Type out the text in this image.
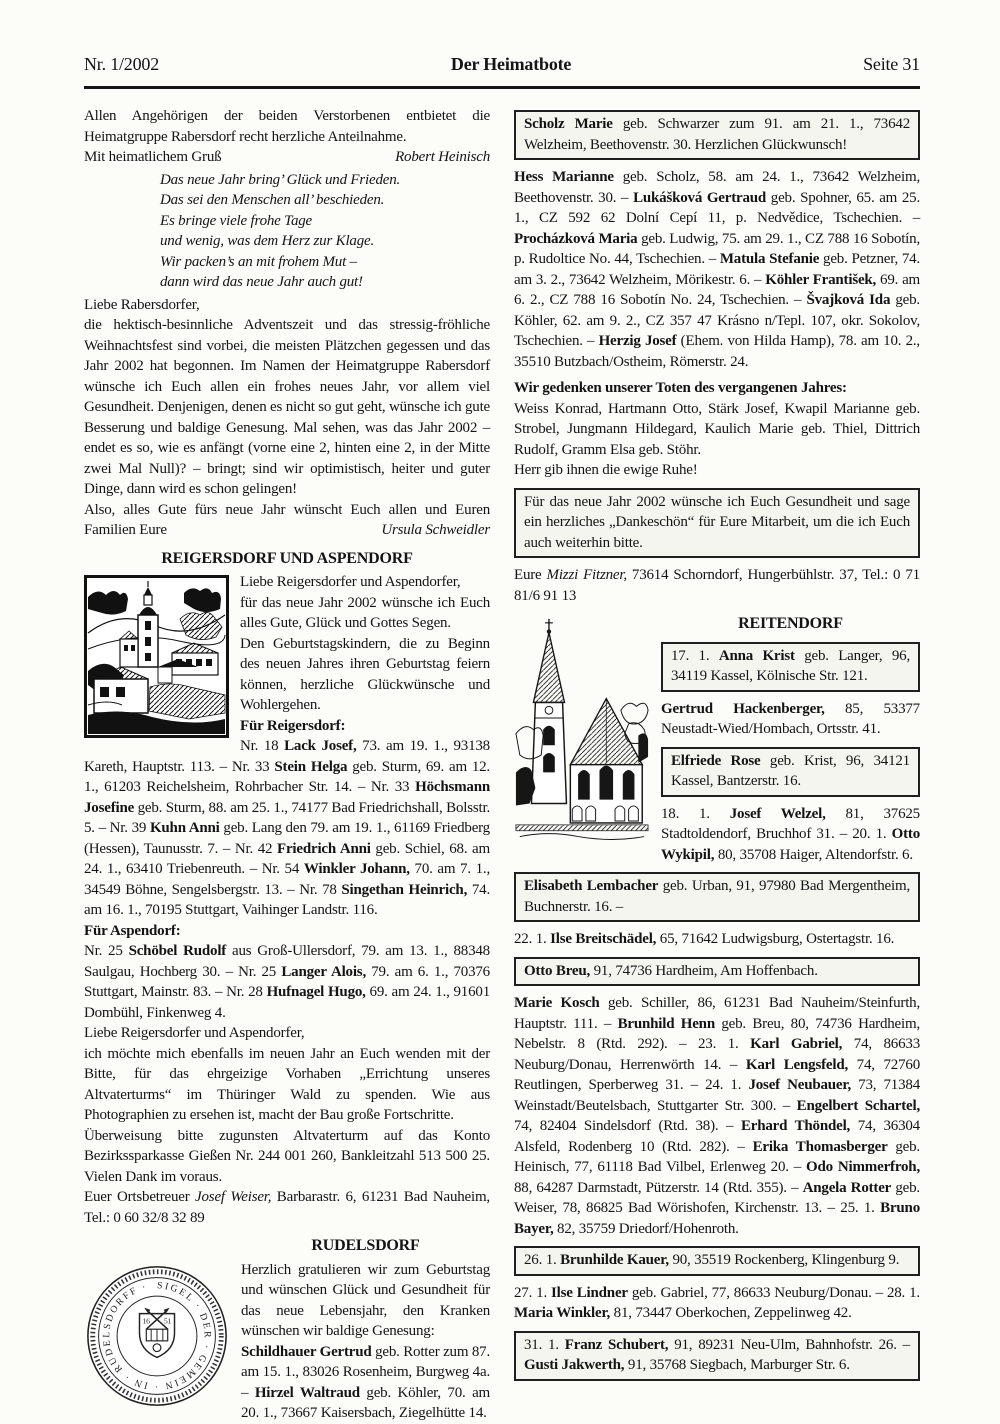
Nr. 1/2002	Der Heimatbote	Seite 31

Allen Angehörigen der beiden Verstorbenen entbietet die Heimatgruppe Rabersdorf recht herzliche Anteilnahme.

Mit heimatlichem Gruß	Robert Heinisch
Das neue Jahr bring’ Glück und Frieden.
Das sei den Menschen all’ beschieden.
Es bringe viele frohe Tage
und wenig, was dem Herz zur Klage.
Wir packen’s an mit frohem Mut –
dann wird das neue Jahr auch gut!

Liebe Rabersdorfer,

die hektisch-besinnliche Adventszeit und das stressig-fröhliche Weihnachtsfest sind vorbei, die meisten Plätzchen gegessen und das Jahr 2002 hat begonnen. Im Namen der Heimatgruppe Rabersdorf wünsche ich Euch allen ein frohes neues Jahr, vor allem viel Gesundheit. Denjenigen, denen es nicht so gut geht, wünsche ich gute Besserung und baldige Genesung. Mal sehen, was das Jahr 2002 – endet es so, wie es anfängt (vorne eine 2, hinten eine 2, in der Mitte zwei Mal Null)? – bringt; sind wir optimistisch, heiter und guter Dinge, dann wird es schon gelingen!

Also, alles Gute fürs neue Jahr wünscht Euch allen und Euren Familien Eure	Ursula Schweidler

REIGERSDORF UND ASPENDORF

Liebe Reigersdorfer und Aspendorfer,

für das neue Jahr 2002 wünsche ich Euch alles Gute, Glück und Gottes Segen.

Den Geburtstagskindern, die zu Beginn des neuen Jahres ihren Geburtstag feiern können, herzliche Glückwünsche und Wohlergehen.

Für Reigersdorf:

Nr. 18 Lack Josef, 73. am 19. 1., 93138 Kareth, Hauptstr. 113. – Nr. 33 Stein Helga geb. Sturm, 69. am 12. 1., 61203 Reichelsheim, Rohrbacher Str. 14. – Nr. 33 Höchsmann Josefine geb. Sturm, 88. am 25. 1., 74177 Bad Friedrichshall, Bolsstr. 5. – Nr. 39 Kuhn Anni geb. Lang den 79. am 19. 1., 61169 Friedberg (Hessen), Taunusstr. 7. – Nr. 42 Friedrich Anni geb. Schiel, 68. am 24. 1., 63410 Triebenreuth. – Nr. 54 Winkler Johann, 70. am 7. 1., 34549 Böhne, Sengelsbergstr. 13. – Nr. 78 Singethan Heinrich, 74. am 16. 1., 70195 Stuttgart, Vaihinger Landstr. 116.

Für Aspendorf:

Nr. 25 Schöbel Rudolf aus Groß-Ullersdorf, 79. am 13. 1., 88348 Saulgau, Hochberg 30. – Nr. 25 Langer Alois, 79. am 6. 1., 70376 Stuttgart, Mainstr. 83. – Nr. 28 Hufnagel Hugo, 69. am 24. 1., 91601 Dombühl, Finkenweg 4.

Liebe Reigersdorfer und Aspendorfer,

ich möchte mich ebenfalls im neuen Jahr an Euch wenden mit der Bitte, für das ehrgeizige Vorhaben „Errichtung unseres Altvaterturms“ im Thüringer Wald zu spenden. Wie aus Photographien zu ersehen ist, macht der Bau große Fortschritte.

Überweisung bitte zugunsten Altvaterturm auf das Konto Bezirkssparkasse Gießen Nr. 244 001 260, Bankleitzahl 513 500 25. Vielen Dank im voraus.

Euer Ortsbetreuer Josef Weiser, Barbarastr. 6, 61231 Bad Nauheim, Tel.: 0 60 32/8 32 89

RUDELSDORF
SIGEL · DER · GEMEIN · IN · RUDELSDORFF ·
16 51

Herzlich gratulieren wir zum Geburtstag und wünschen Glück und Gesundheit für das neue Lebensjahr, den Kranken wünschen wir baldige Genesung:

Schildhauer Gertrud geb. Rotter zum 87. am 15. 1., 83026 Rosenheim, Burgweg 4a. – Hirzel Waltraud geb. Köhler, 70. am 20. 1., 73667 Kaisersbach, Ziegelhütte 14.

Scholz Marie geb. Schwarzer zum 91. am 21. 1., 73642 Welzheim, Beethovenstr. 30. Herzlichen Glückwunsch!

Hess Marianne geb. Scholz, 58. am 24. 1., 73642 Welzheim, Beethovenstr. 30. – Lukášková Gertraud geb. Spohner, 65. am 25. 1., CZ 592 62 Dolní Cepí 11, p. Nedvědice, Tschechien. – Procházková Maria geb. Ludwig, 75. am 29. 1., CZ 788 16 Sobotín, p. Rudoltice No. 44, Tschechien. – Matula Stefanie geb. Petzner, 74. am 3. 2., 73642 Welzheim, Mörikestr. 6. – Köhler František, 69. am 6. 2., CZ 788 16 Sobotín No. 24, Tschechien. – Švajková Ida geb. Köhler, 62. am 9. 2., CZ 357 47 Krásno n/Tepl. 107, okr. Sokolov, Tschechien. – Herzig Josef (Ehem. von Hilda Hamp), 78. am 10. 2., 35510 Butzbach/Ostheim, Römerstr. 24.

Wir gedenken unserer Toten des vergangenen Jahres:

Weiss Konrad, Hartmann Otto, Stärk Josef, Kwapil Marianne geb. Strobel, Jungmann Hildegard, Kaulich Marie geb. Thiel, Dittrich Rudolf, Gramm Elsa geb. Stöhr.

Herr gib ihnen die ewige Ruhe!

Für das neue Jahr 2002 wünsche ich Euch Gesundheit und sage ein herzliches „Dankeschön“ für Eure Mitarbeit, um die ich Euch auch weiterhin bitte.

Eure Mizzi Fitzner, 73614 Schorndorf, Hungerbühlstr. 37, Tel.: 0 71 81/6 91 13

REITENDORF
17. 1. Anna Krist geb. Langer, 96, 34119 Kassel, Kölnische Str. 121.

Gertrud Hackenberger, 85, 53377 Neustadt-Wied/Hombach, Ortsstr. 41.

Elfriede Rose geb. Krist, 96, 34121 Kassel, Bantzerstr. 16.

18. 1. Josef Welzel, 81, 37625 Stadtoldendorf, Bruchhof 31. – 20. 1. Otto Wykipil, 80, 35708 Haiger, Altendorfstr. 6.

Elisabeth Lembacher geb. Urban, 91, 97980 Bad Mergentheim, Buchnerstr. 16. –

22. 1. Ilse Breitschädel, 65, 71642 Ludwigsburg, Ostertagstr. 16.

Otto Breu, 91, 74736 Hardheim, Am Hoffenbach.

Marie Kosch geb. Schiller, 86, 61231 Bad Nauheim/Steinfurth, Hauptstr. 111. – Brunhild Henn geb. Breu, 80, 74736 Hardheim, Nebelstr. 8 (Rtd. 292). – 23. 1. Karl Gabriel, 74, 86633 Neuburg/Donau, Herrenwörth 14. – Karl Lengsfeld, 74, 72760 Reutlingen, Sperberweg 31. – 24. 1. Josef Neubauer, 73, 71384 Weinstadt/Beutelsbach, Stuttgarter Str. 300. – Engelbert Schartel, 74, 82404 Sindelsdorf (Rtd. 38). – Erhard Thöndel, 74, 36304 Alsfeld, Rodenberg 10 (Rtd. 282). – Erika Thomasberger geb. Heinisch, 77, 61118 Bad Vilbel, Erlenweg 20. – Odo Nimmerfroh, 88, 64287 Darmstadt, Pützerstr. 14 (Rtd. 355). – Angela Rotter geb. Weiser, 78, 86825 Bad Wörishofen, Kirchenstr. 13. – 25. 1. Bruno Bayer, 82, 35759 Driedorf/Hohenroth.

26. 1. Brunhilde Kauer, 90, 35519 Rockenberg, Klingenburg 9.

27. 1. Ilse Lindner geb. Gabriel, 77, 86633 Neuburg/Donau. – 28. 1. Maria Winkler, 81, 73447 Oberkochen, Zeppelinweg 42.

31. 1. Franz Schubert, 91, 89231 Neu-Ulm, Bahnhofstr. 26. – Gusti Jakwerth, 91, 35768 Siegbach, Marburger Str. 6.
